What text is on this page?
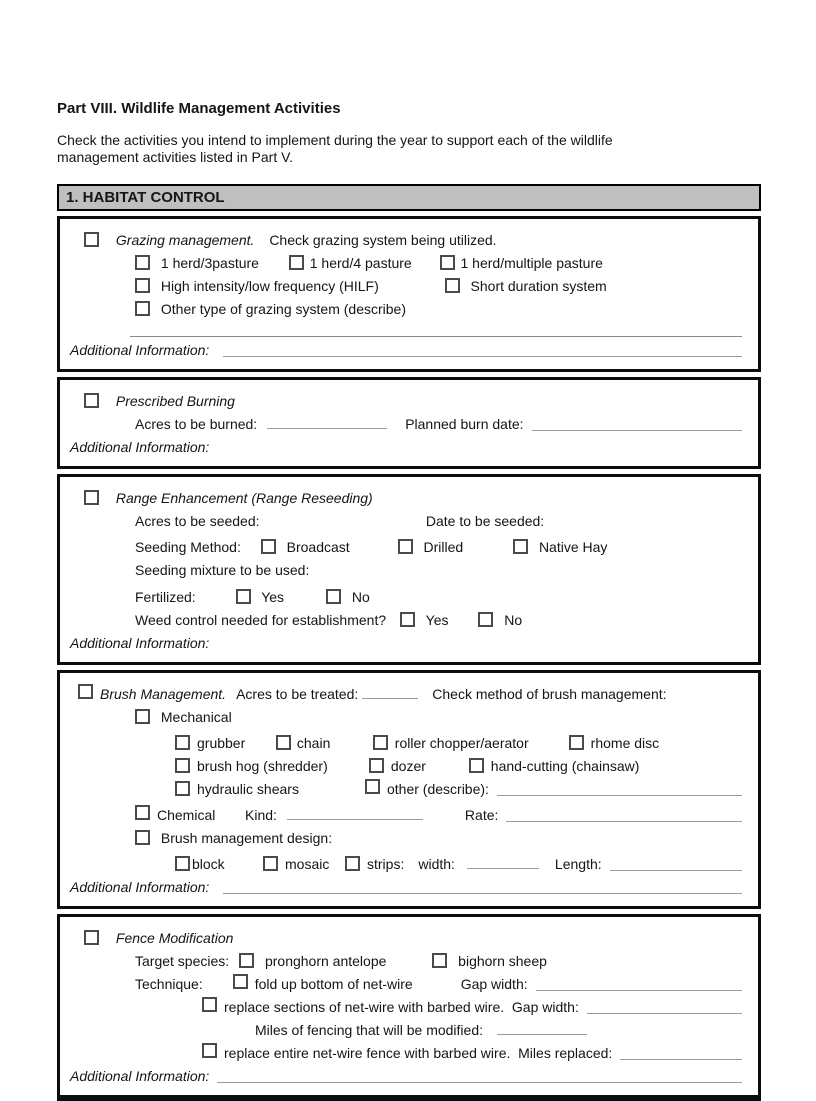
Part VIII. Wildlife Management Activities
Check the activities you intend to implement during the year to support each of the wildlife management activities listed in Part V.
1. HABITAT CONTROL
Grazing management. Check grazing system being utilized.
1 herd/3pasture	1 herd/4 pasture	1 herd/multiple pasture
High intensity/low frequency (HILF)	Short duration system
Other type of grazing system (describe)
Additional Information:
Prescribed Burning
Acres to be burned:	Planned burn date:
Additional Information:
Range Enhancement (Range Reseeding)
Acres to be seeded:	Date to be seeded:
Seeding Method:	Broadcast	Drilled	Native Hay
Seeding mixture to be used:
Fertilized:	Yes	No
Weed control needed for establishment?	Yes	No
Additional Information:
Brush Management. Acres to be treated:	Check method of brush management:
Mechanical
grubber	chain	roller chopper/aerator	rhome disc
brush hog (shredder)	dozer	hand-cutting (chainsaw)
hydraulic shears	other (describe):
Chemical	Kind:	Rate:
Brush management design:
block	mosaic	strips: width:	Length:
Additional Information:
Fence Modification
Target species:	pronghorn antelope	bighorn sheep
Technique:	fold up bottom of net-wire	Gap width:
replace sections of net-wire with barbed wire.  Gap width:
Miles of fencing that will be modified:
replace entire net-wire fence with barbed wire.  Miles replaced:
Additional Information:
